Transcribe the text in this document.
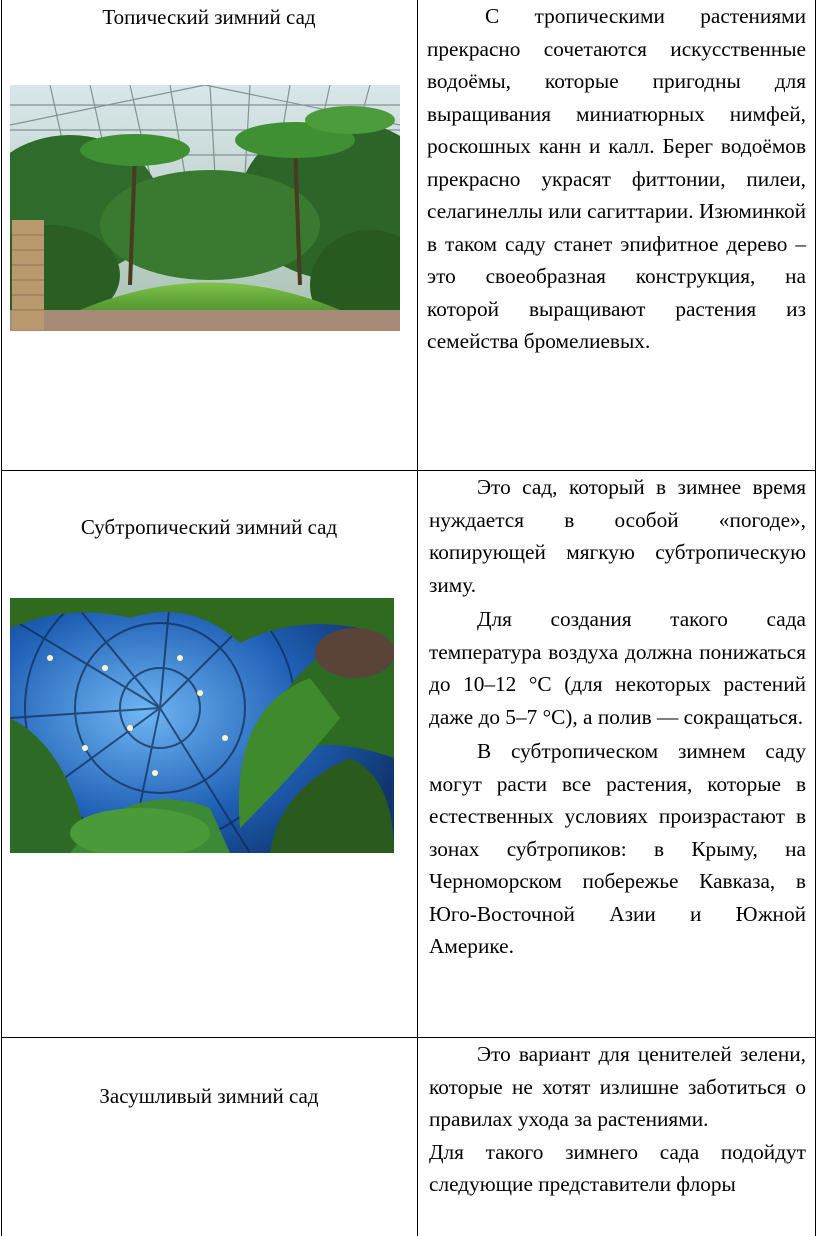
Топический зимний сад	С тропическими растениями прекрасно сочетаются искусственные водоёмы, которые пригодны для выращивания миниатюрных нимфей, роскошных канн и калл. Берег водоёмов прекрасно украсят фиттонии, пилеи, селагинеллы или сагиттарии. Изюминкой в таком саду станет эпифитное дерево – это своеобразная конструкция, на которой выращивают растения из семейства бромелиевых.

Субтропический зимний сад

Это сад, который в зимнее время нуждается в особой «погоде», копирующей мягкую субтропическую зиму.

Для создания такого сада температура воздуха должна понижаться до 10–12 °С (для некоторых растений даже до 5–7 °С), а полив — сокращаться.

В субтропическом зимнем саду могут расти все растения, которые в естественных условиях произрастают в зонах субтропиков: в Крыму, на Черноморском побережье Кавказа, в Юго-Восточной Азии и Южной Америке.

Засушливый зимний сад

Это вариант для ценителей зелени, которые не хотят излишне заботиться о правилах ухода за растениями.

Для такого зимнего сада подойдут следующие представители флоры
